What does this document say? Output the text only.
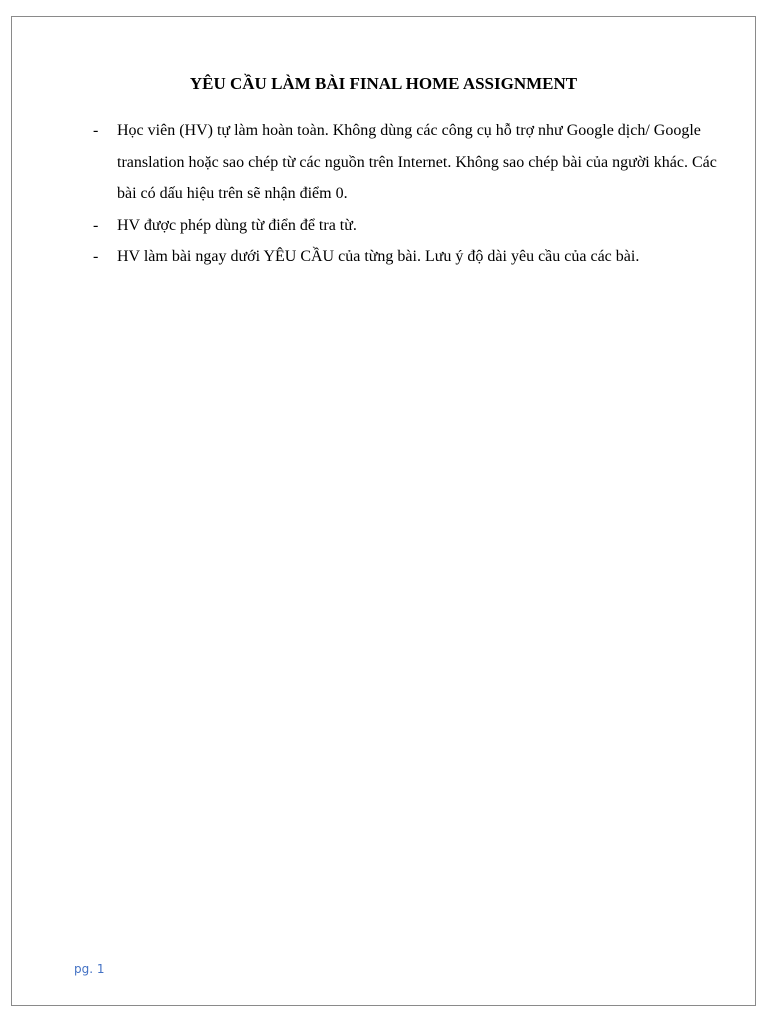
YÊU CẦU LÀM BÀI FINAL HOME ASSIGNMENT
- Học viên (HV) tự làm hoàn toàn. Không dùng các công cụ hỗ trợ như Google dịch/ Google translation hoặc sao chép từ các nguồn trên Internet. Không sao chép bài của người khác. Các bài có dấu hiệu trên sẽ nhận điểm 0.
- HV được phép dùng từ điển để tra từ.
- HV làm bài ngay dưới YÊU CẦU của từng bài. Lưu ý độ dài yêu cầu của các bài.
pg. 1
